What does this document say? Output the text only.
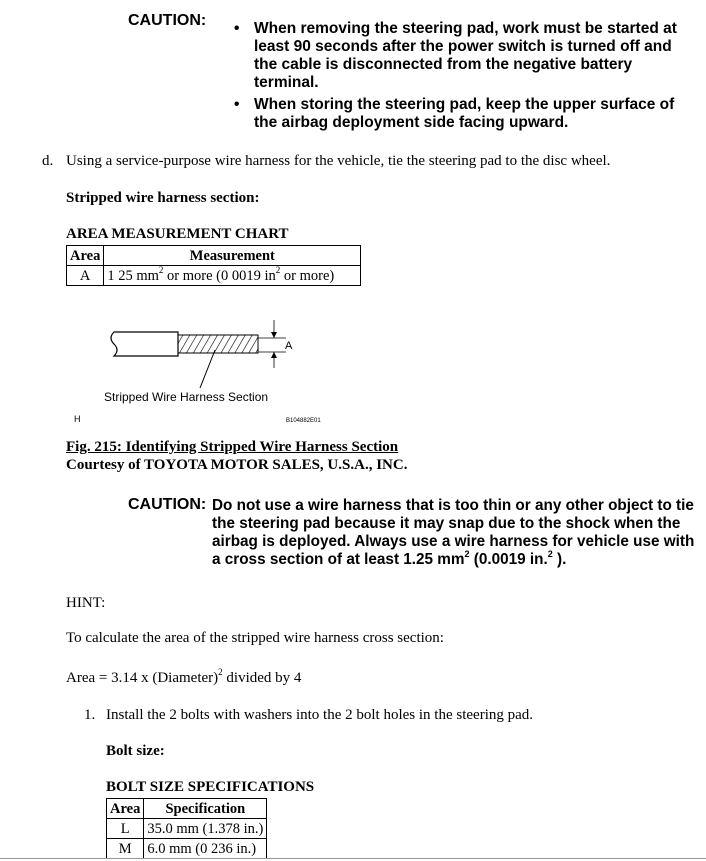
CAUTION: • When removing the steering pad, work must be started at least 90 seconds after the power switch is turned off and the cable is disconnected from the negative battery terminal.
• When storing the steering pad, keep the upper surface of the airbag deployment side facing upward.
d. Using a service-purpose wire harness for the vehicle, tie the steering pad to the disc wheel.
Stripped wire harness section:
AREA MEASUREMENT CHART
Area	Measurement
A	1 25 $mm^2$ or more (0 0019 $in^2$ or more)
A
Stripped Wire Harness Section
H	B104882E01
Fig. 215: Identifying Stripped Wire Harness Section
Courtesy of TOYOTA MOTOR SALES, U.S.A., INC.
CAUTION: Do not use a wire harness that is too thin or any other object to tie the steering pad because it may snap due to the shock when the airbag is deployed. Always use a wire harness for vehicle use with a cross section of at least 1.25 $mm^2$ (0.0019 in.$^2$ ).
HINT:
To calculate the area of the stripped wire harness cross section:
Area = 3.14 x (Diameter)$^2$ divided by 4
1. Install the 2 bolts with washers into the 2 bolt holes in the steering pad.
Bolt size:
BOLT SIZE SPECIFICATIONS
Area	Specification
L	35.0 mm (1.378 in.)
M	6.0 mm (0 236 in.)
